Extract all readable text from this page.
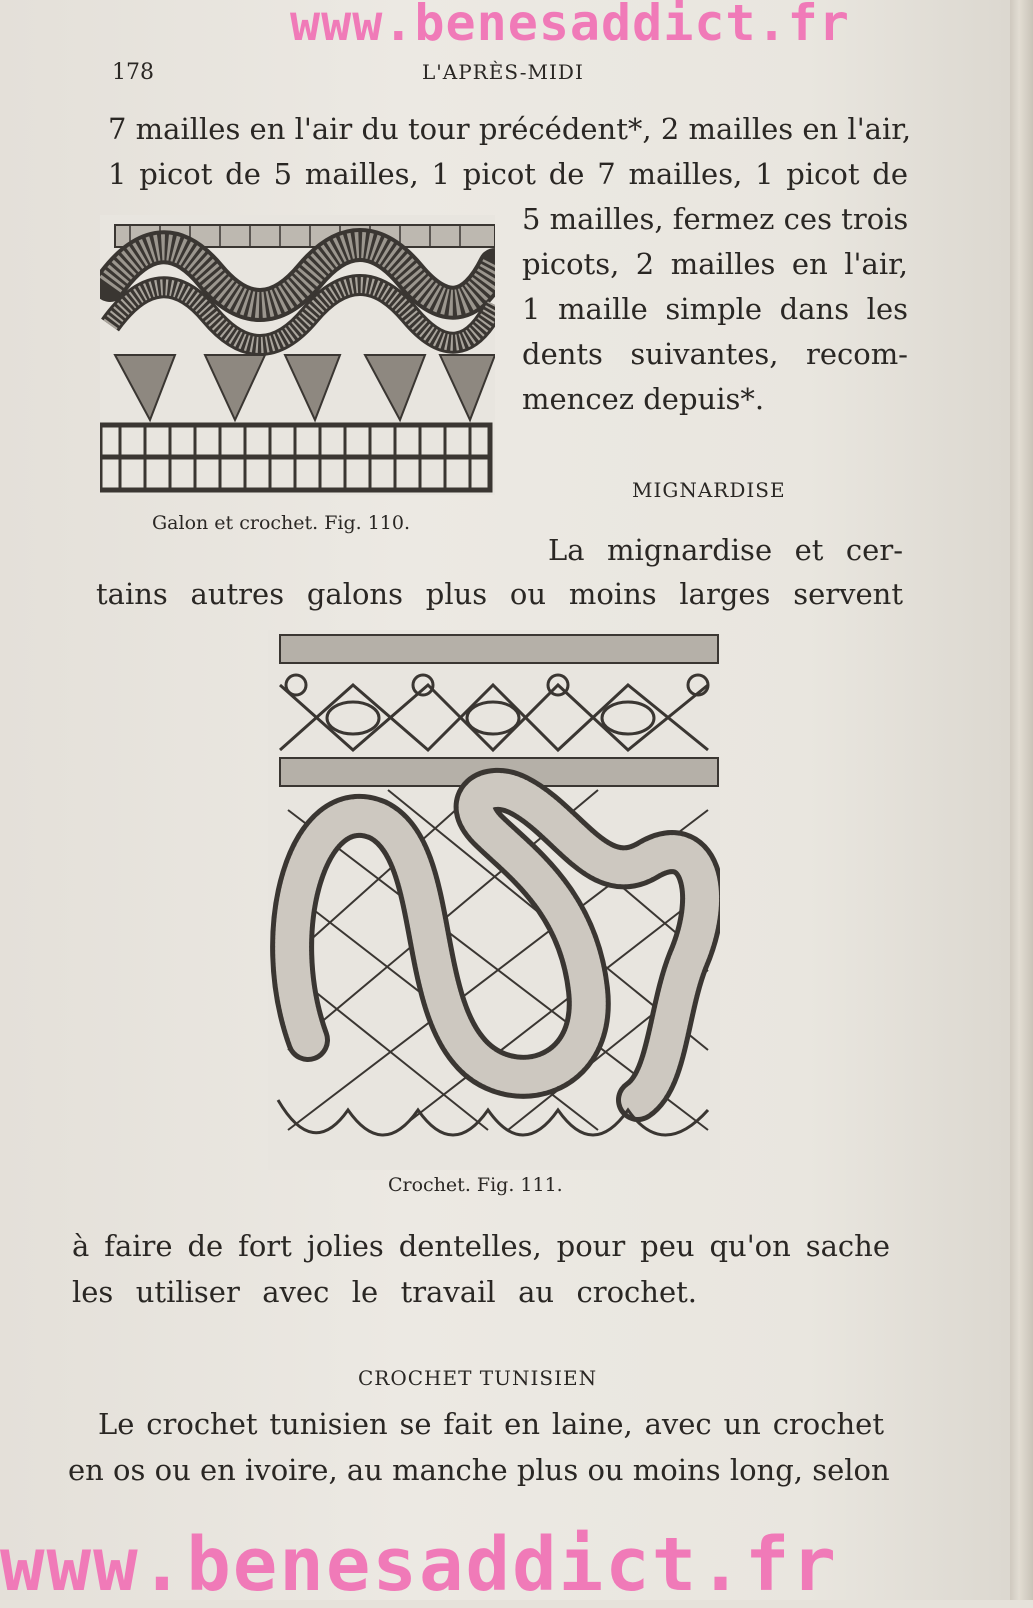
www.benesaddict.fr
178	L'APRÈS-MIDI
7 mailles en l'air du tour précédent*, 2 mailles en l'air,
1 picot de 5 mailles, 1 picot de 7 mailles, 1 picot de
5 mailles, fermez ces trois
picots, 2 mailles en l'air,
1 maille simple dans les
dents suivantes, recom-
mencez depuis*.
Galon et crochet. Fig. 110.
MIGNARDISE
La mignardise et cer-
tains autres galons plus ou moins larges servent
Crochet. Fig. 111.
à faire de fort jolies dentelles, pour peu qu'on sache
les utiliser avec le travail au crochet.
CROCHET TUNISIEN
Le crochet tunisien se fait en laine, avec un crochet
en os ou en ivoire, au manche plus ou moins long, selon
www.benesaddict.fr
